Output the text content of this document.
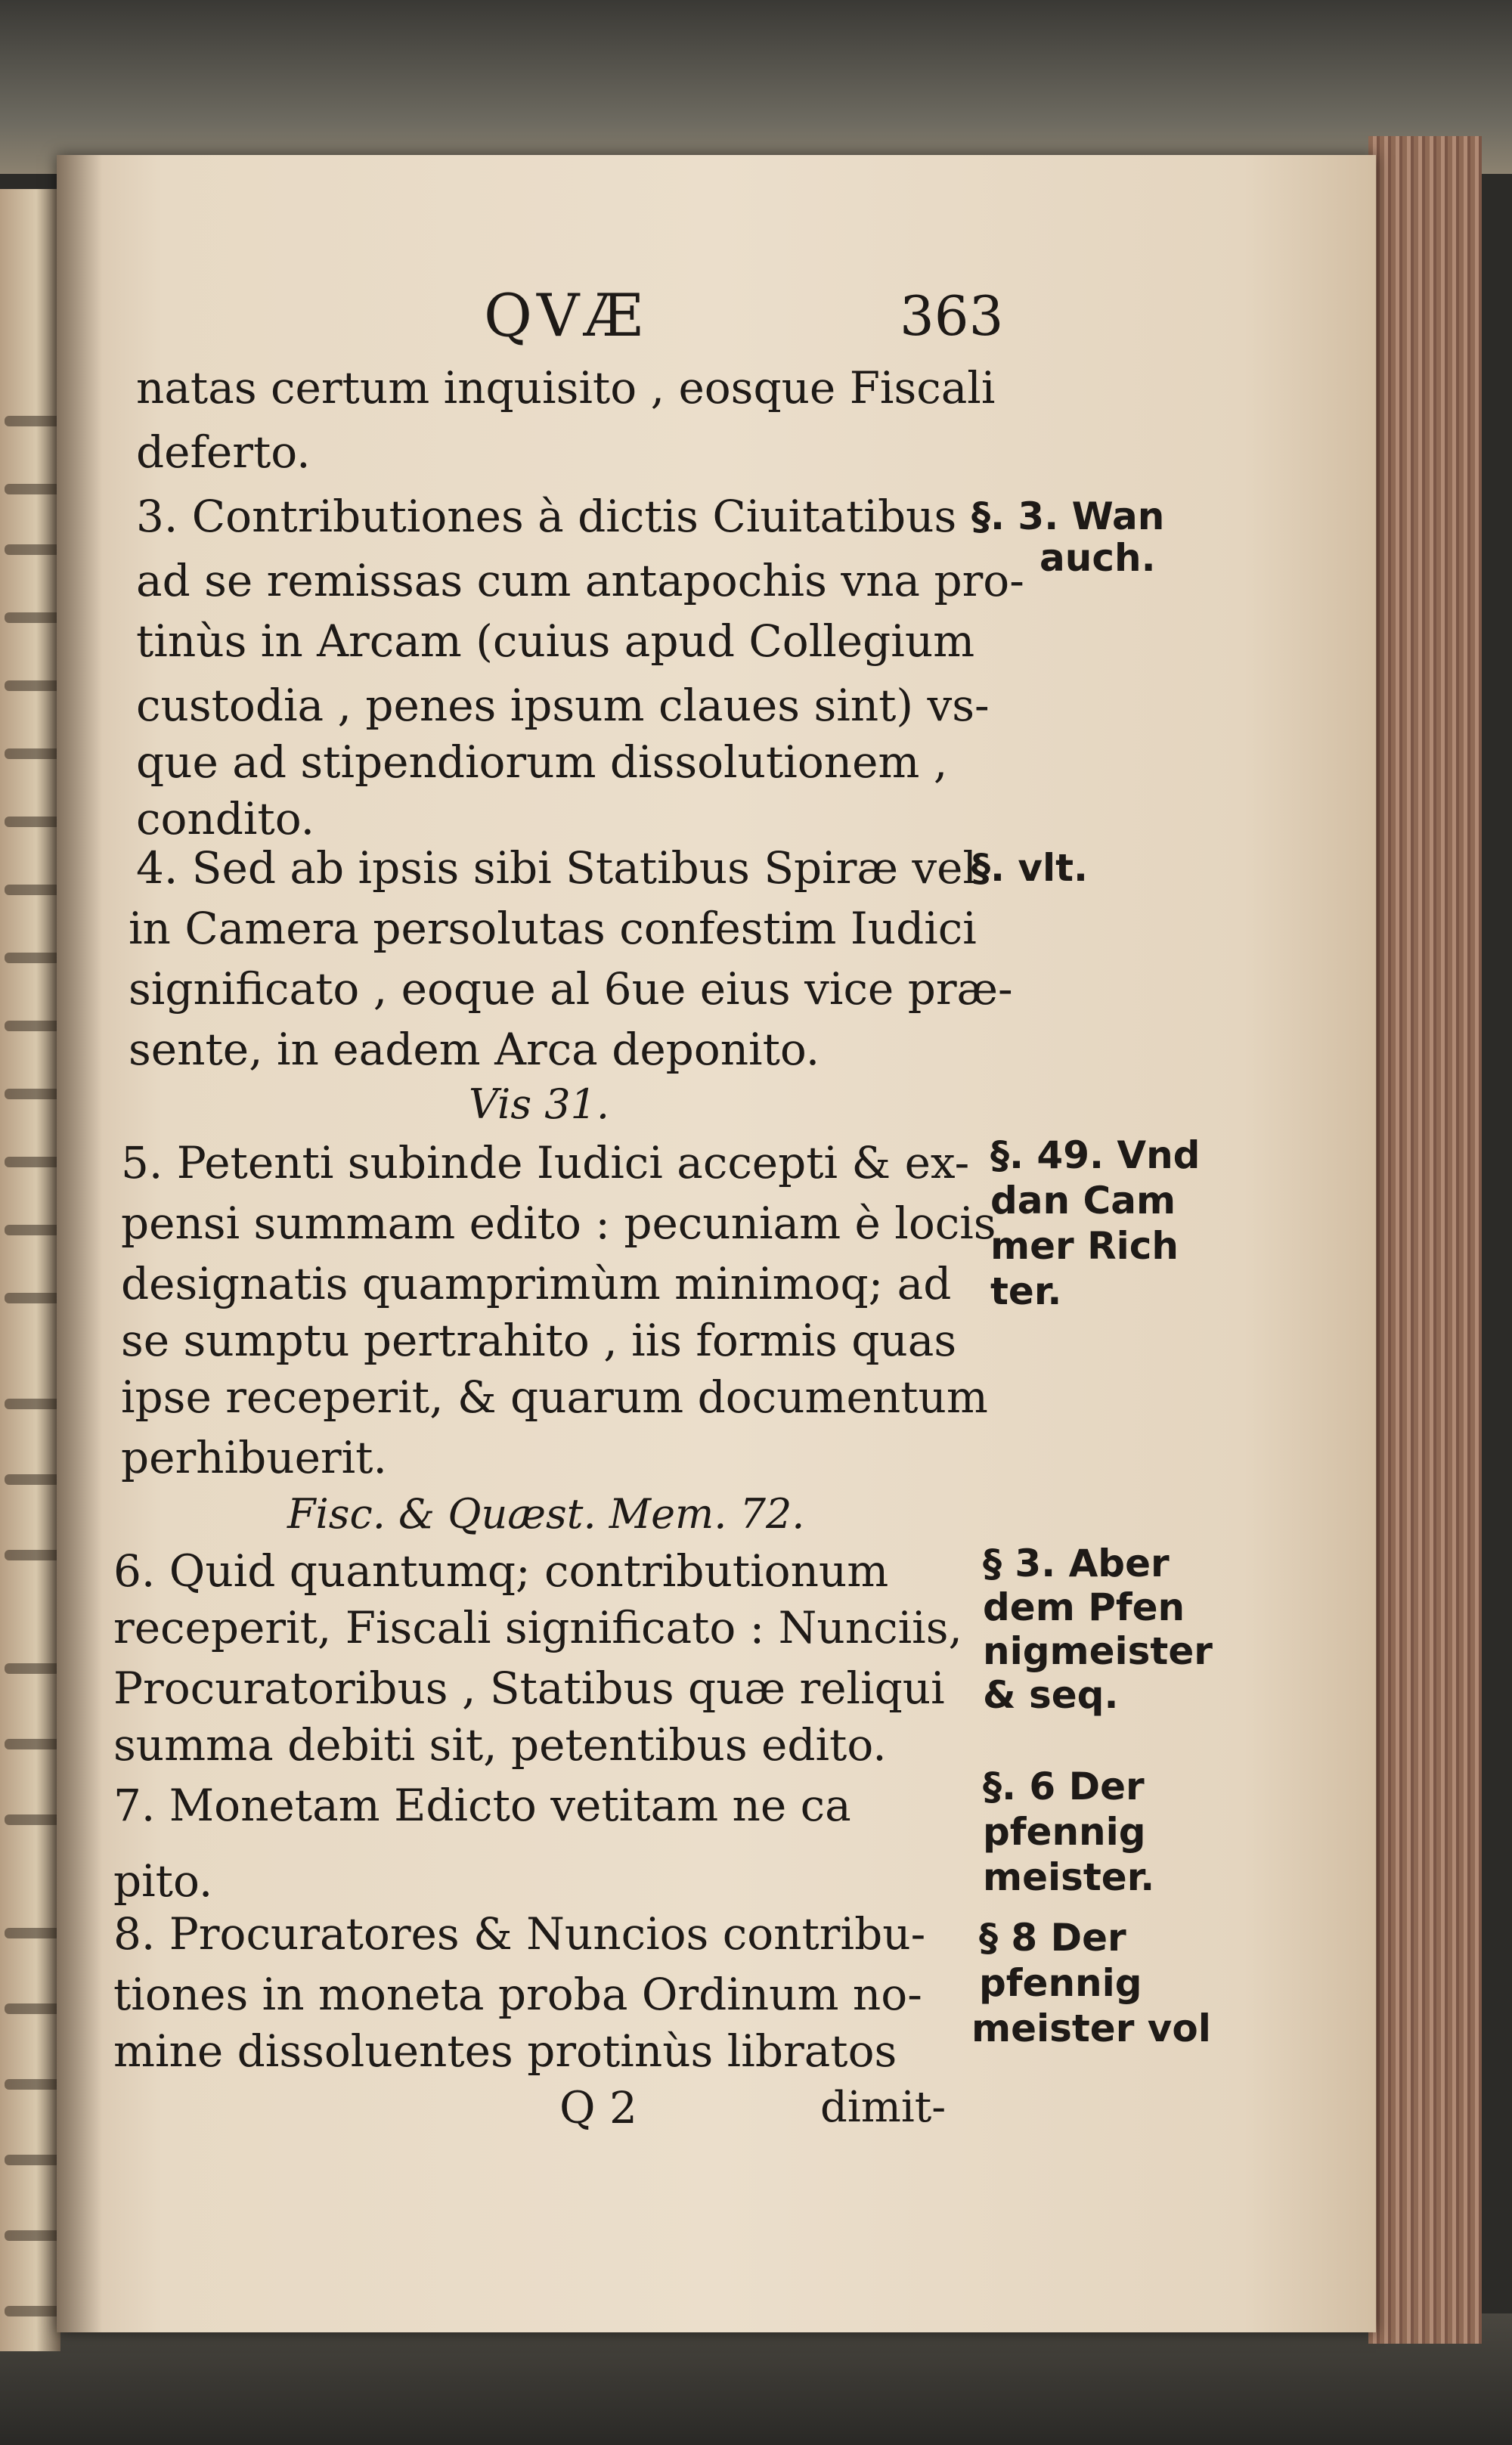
QVÆ	363
natas certum inquisito , eosque Fiscali
deferto.
3. Contributiones à dictis Ciuitatibus
ad se remissas cum antapochis vna pro-
tinùs in Arcam (cuius apud Collegium
custodia , penes ipsum claues sint) vs-
que ad stipendiorum dissolutionem ,
condito.
4. Sed ab ipsis sibi Statibus Spiræ vel
in Camera persolutas confestim Iudici
significato , eoque al 6ue eius vice præ-
sente, in eadem Arca deponito.
Vis 31.
5. Petenti subinde Iudici accepti & ex-
pensi summam edito : pecuniam è locis
designatis quamprimùm minimoq; ad
se sumptu pertrahito , iis formis quas
ipse receperit, & quarum documentum
perhibuerit.
Fisc. & Quæst. Mem. 72.
6. Quid quantumq; contributionum
receperit, Fiscali significato : Nunciis,
Procuratoribus , Statibus quæ reliqui
summa debiti sit, petentibus edito.
7. Monetam Edicto vetitam ne ca
pito.
8. Procuratores & Nuncios contribu-
tiones in moneta proba Ordinum no-
mine dissoluentes protinùs libratos
Q 2	dimit-
§. 3. Wan
auch.
§. vlt.
§. 49. Vnd
dan Cam
mer Rich
ter.
§ 3. Aber
dem Pfen
nigmeister
& seq.
§. 6 Der
pfennig
meister.
§ 8 Der
pfennig
meister vol
